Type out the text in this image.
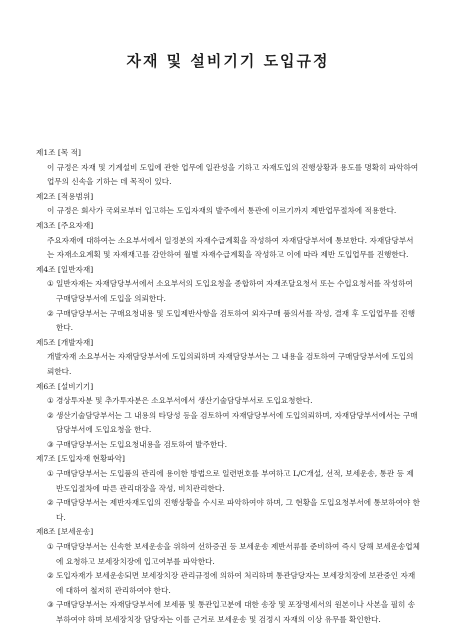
자재 및 설비기기 도입규정
제1조 [목 적]
이 규정은 자재 및 기계설비 도입에 관한 업무에 일관성을 기하고 자재도입의 진행상황과 용도를 명확히 파악하여 업무의 신속을 기하는 데 목적이 있다.
제2조 [적용범위]
이 규정은 회사가 국외로부터 입고하는 도입자재의 발주에서 통관에 이르기까지 제반업무절차에 적용한다.
제3조 [주요자재]
주요자재에 대하여는 소요부서에서 일정분의 자재수급계획을 작성하여 자재담당부서에 통보한다. 자재담당부서는 자재소요계획 및 자재재고를 감안하여 월별 자재수급계획을 작성하고 이에 따라 제반 도입업무를 진행한다.
제4조 [일반자재]
① 일반자재는 자재담당부서에서 소요부서의 도입요청을 종합하여 자재조달요청서 또는 수입요청서를 작성하여 구매담당부서에 도입을 의뢰한다.
② 구매담당부서는 구매요청내용 및 도입제반사항을 검토하여 외자구매 품의서를 작성, 결재 후 도입업무를 진행한다.
제5조 [개발자재]
개발자재 소요부서는 자재담당부서에 도입의뢰하며 자재담당부서는 그 내용을 검토하여 구매담당부서에 도입의뢰한다.
제6조 [설비기기]
① 경상투자분 및 추가투자분은 소요부서에서 생산기술담당부서로 도입요청한다.
② 생산기술담당부서는 그 내용의 타당성 등을 검토하여 자재담당부서에 도입의뢰하며, 자재담당부서에서는 구매담당부서에 도입요청을 한다.
③ 구매담당부서는 도입요청내용을 검토하여 발주한다.
제7조 [도입자재 현황파악]
① 구매담당부서는 도입품의 관리에 용이한 방법으로 일련번호를 부여하고 L/C개설, 선적, 보세운송, 통관 등 제반도입절차에 따른 관리대장을 작성, 비치관리한다.
② 구매담당부서는 제반자재도입의 진행상황을 수시로 파악하여야 하며, 그 현황을 도입요청부서에 통보하여야 한다.
제8조 [보세운송]
① 구매담당부서는 신속한 보세운송을 위하여 선하증권 등 보세운송 제반서류를 준비하여 즉시 당해 보세운송업체에 요청하고 보세장치장에 입고여부를 파악한다.
② 도입자재가 보세운송되면 보세장치장 관리규정에 의하여 처리하며 통관담당자는 보세장치장에 보관중인 자재에 대하여 철저히 관리하여야 한다.
③ 구매담당부서는 자재담당부서에 보세품 및 통관입고분에 대한 송장 및 포장명세서의 원본이나 사본을 필히 송부하여야 하며 보세장치장 담당자는 이를 근거로 보세운송 및 검정시 자재의 이상 유무를 확인한다.
